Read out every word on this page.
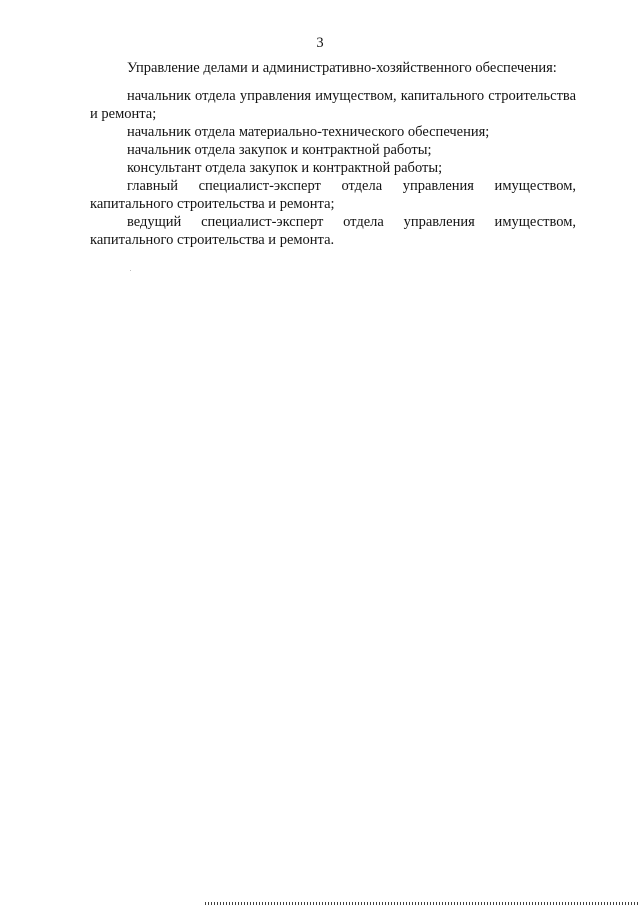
3
Управление делами и административно-хозяйственного обеспечения:

начальник отдела управления имуществом, капитального строительства и ремонта;

начальник отдела материально-технического обеспечения;

начальник отдела закупок и контрактной работы;

консультант отдела закупок и контрактной работы;

главный специалист-эксперт отдела управления имуществом, капитального строительства и ремонта;

ведущий специалист-эксперт отдела управления имуществом, капитального строительства и ремонта.
